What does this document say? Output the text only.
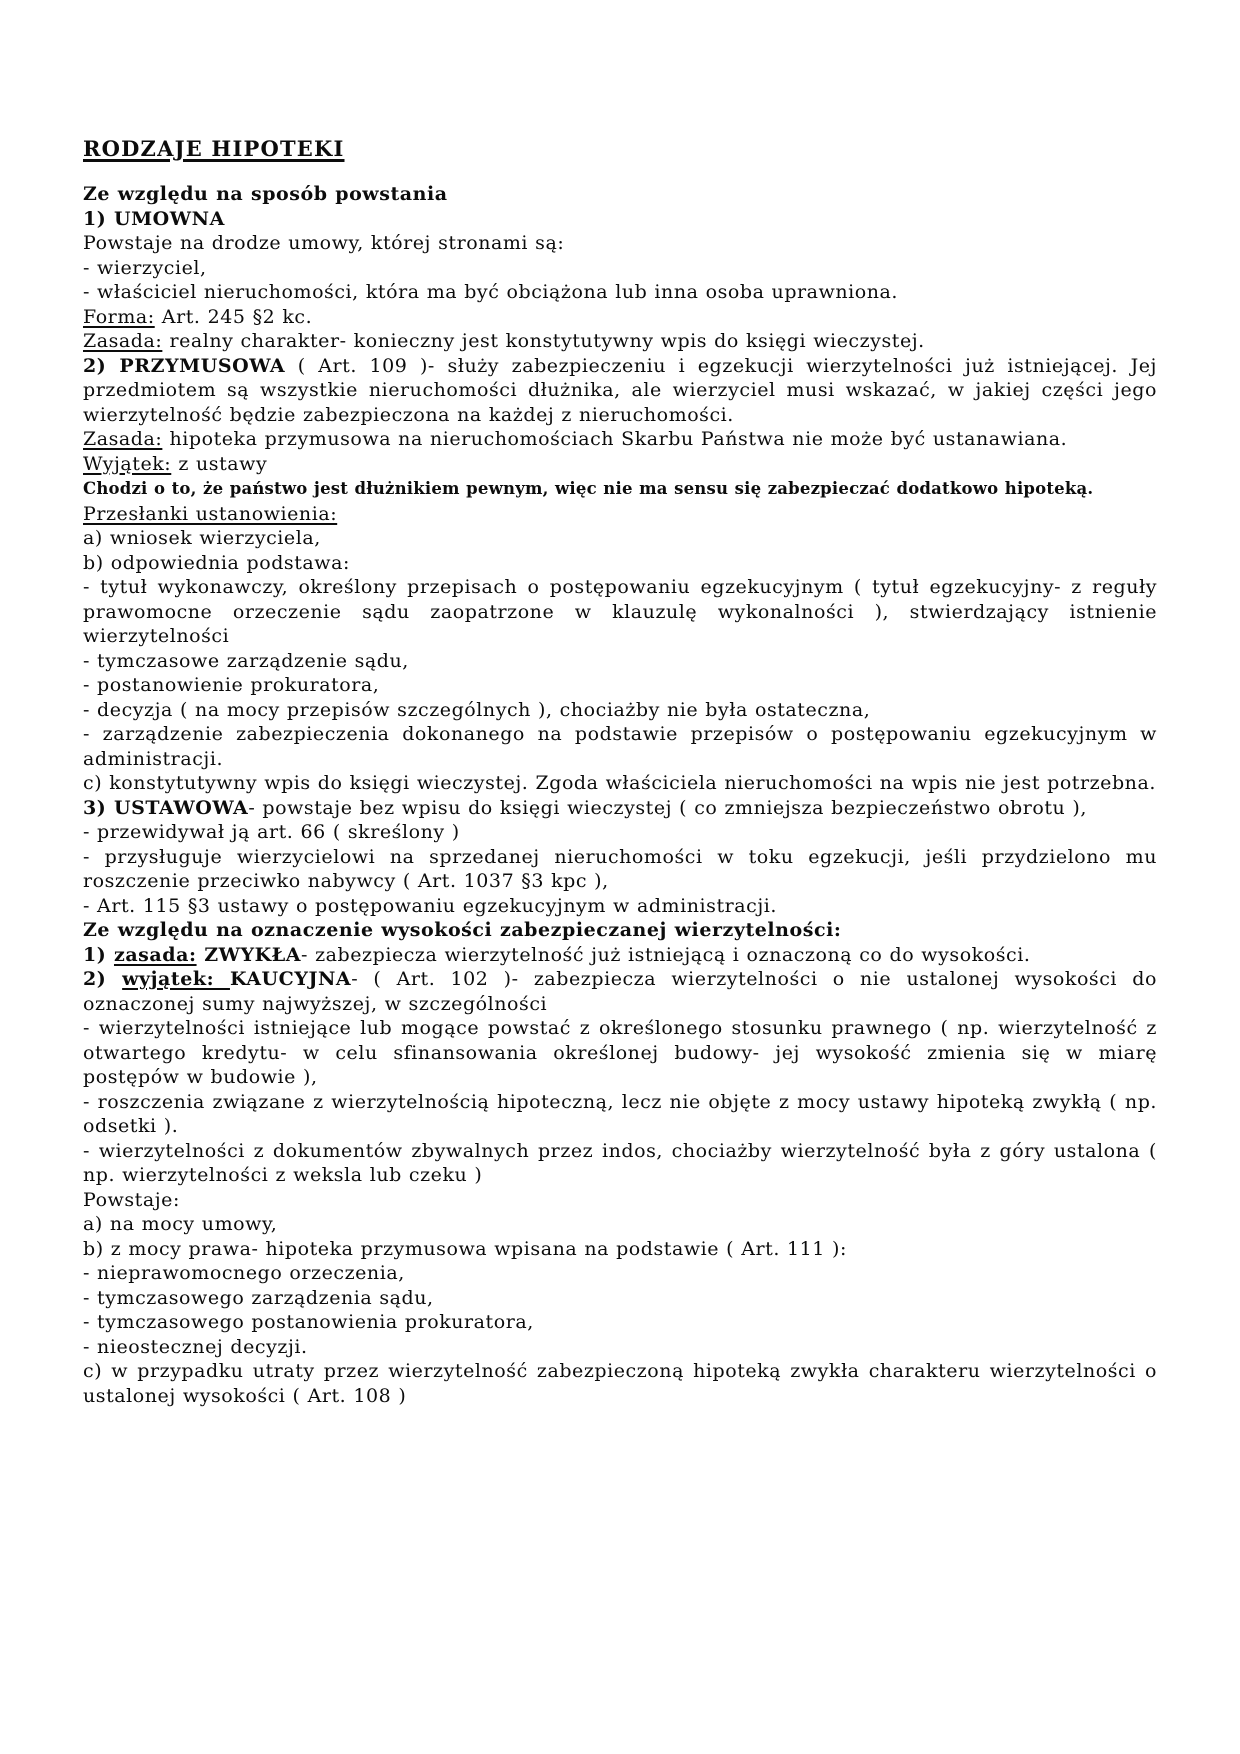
RODZAJE HIPOTEKI

Ze względu na sposób powstania

1) UMOWNA

Powstaje na drodze umowy, której stronami są:

- wierzyciel,

- właściciel nieruchomości, która ma być obciążona lub inna osoba uprawniona.

Forma: Art. 245 §2 kc.

Zasada: realny charakter- konieczny jest konstytutywny wpis do księgi wieczystej.

2) PRZYMUSOWA ( Art. 109 )- służy zabezpieczeniu i egzekucji wierzytelności już istniejącej. Jej przedmiotem są wszystkie nieruchomości dłużnika, ale wierzyciel musi wskazać, w jakiej części jego wierzytelność będzie zabezpieczona na każdej z nieruchomości.

Zasada: hipoteka przymusowa na nieruchomościach Skarbu Państwa nie może być ustanawiana.

Wyjątek: z ustawy

Chodzi o to, że państwo jest dłużnikiem pewnym, więc nie ma sensu się zabezpieczać dodatkowo hipoteką.

Przesłanki ustanowienia:

a) wniosek wierzyciela,

b) odpowiednia podstawa:

- tytuł wykonawczy, określony przepisach o postępowaniu egzekucyjnym ( tytuł egzekucyjny- z reguły prawomocne orzeczenie sądu zaopatrzone w klauzulę wykonalności ), stwierdzający istnienie wierzytelności

- tymczasowe zarządzenie sądu,

- postanowienie prokuratora,

- decyzja ( na mocy przepisów szczególnych ), chociażby nie była ostateczna,

- zarządzenie zabezpieczenia dokonanego na podstawie przepisów o postępowaniu egzekucyjnym w administracji.

c) konstytutywny wpis do księgi wieczystej. Zgoda właściciela nieruchomości na wpis nie jest potrzebna.

3) USTAWOWA- powstaje bez wpisu do księgi wieczystej ( co zmniejsza bezpieczeństwo obrotu ),

- przewidywał ją art. 66 ( skreślony )

- przysługuje wierzycielowi na sprzedanej nieruchomości w toku egzekucji, jeśli przydzielono mu roszczenie przeciwko nabywcy ( Art. 1037 §3 kpc ),

- Art. 115 §3 ustawy o postępowaniu egzekucyjnym w administracji.

Ze względu na oznaczenie wysokości zabezpieczanej wierzytelności:

1) zasada: ZWYKŁA- zabezpiecza wierzytelność już istniejącą i oznaczoną co do wysokości.

2) wyjątek: KAUCYJNA- ( Art. 102 )- zabezpiecza wierzytelności o nie ustalonej wysokości do oznaczonej sumy najwyższej, w szczególności

- wierzytelności istniejące lub mogące powstać z określonego stosunku prawnego ( np. wierzytelność z otwartego kredytu- w celu sfinansowania określonej budowy- jej wysokość zmienia się w miarę postępów w budowie ),

- roszczenia związane z wierzytelnością hipoteczną, lecz nie objęte z mocy ustawy hipoteką zwykłą ( np. odsetki ).

- wierzytelności z dokumentów zbywalnych przez indos, chociażby wierzytelność była z góry ustalona ( np. wierzytelności z weksla lub czeku )

Powstaje:

a) na mocy umowy,

b) z mocy prawa- hipoteka przymusowa wpisana na podstawie ( Art. 111 ):

- nieprawomocnego orzeczenia,

- tymczasowego zarządzenia sądu,

- tymczasowego postanowienia prokuratora,

- nieostecznej decyzji.

c) w przypadku utraty przez wierzytelność zabezpieczoną hipoteką zwykła charakteru wierzytelności o ustalonej wysokości ( Art. 108 )
